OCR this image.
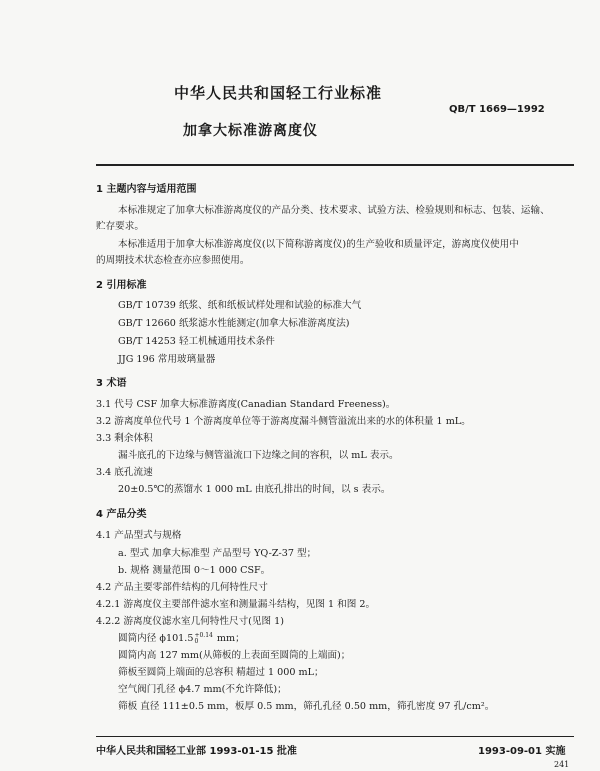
中华人民共和国轻工行业标准
QB/T 1669—1992
加拿大标准游离度仪
1 主题内容与适用范围
本标准规定了加拿大标准游离度仪的产品分类、技术要求、试验方法、检验规则和标志、包装、运输、
贮存要求。
本标准适用于加拿大标准游离度仪(以下简称游离度仪)的生产验收和质量评定，游离度仪使用中
的周期技术状态检查亦应参照使用。
2 引用标准
GB/T 10739 纸浆、纸和纸板试样处理和试验的标准大气
GB/T 12660 纸浆滤水性能测定(加拿大标准游离度法)
GB/T 14253 轻工机械通用技术条件
JJG 196 常用玻璃量器
3 术语
3.1 代号 CSF 加拿大标准游离度(Canadian Standard Freeness)。
3.2 游离度单位代号 1 个游离度单位等于游离度漏斗侧管溢流出来的水的体积量 1 mL。
3.3 剩余体积
漏斗底孔的下边缘与侧管溢流口下边缘之间的容积，以 mL 表示。
3.4 底孔流速
20±0.5℃的蒸馏水 1 000 mL 由底孔排出的时间，以 s 表示。
4 产品分类
4.1 产品型式与规格
a. 型式 加拿大标准型 产品型号 YQ-Z-37 型；
b. 规格 测量范围 0～1 000 CSF。
4.2 产品主要零部件结构的几何特性尺寸
4.2.1 游离度仪主要部件滤水室和测量漏斗结构，见图 1 和图 2。
4.2.2 游离度仪滤水室几何特性尺寸(见图 1)
圆筒内径 ϕ101.5 +0.14
0	mm；
圆筒内高 127 mm(从筛板的上表面至圆筒的上端面)；
筛板至圆筒上端面的总容积 精超过 1 000 mL；
空气阀门孔径 ϕ4.7 mm(不允许降低)；
筛板 直径 111±0.5 mm，板厚 0.5 mm，筛孔孔径 0.50 mm，筛孔密度 97 孔/cm²。
中华人民共和国轻工业部 1993-01-15 批准	1993-09-01 实施
241
